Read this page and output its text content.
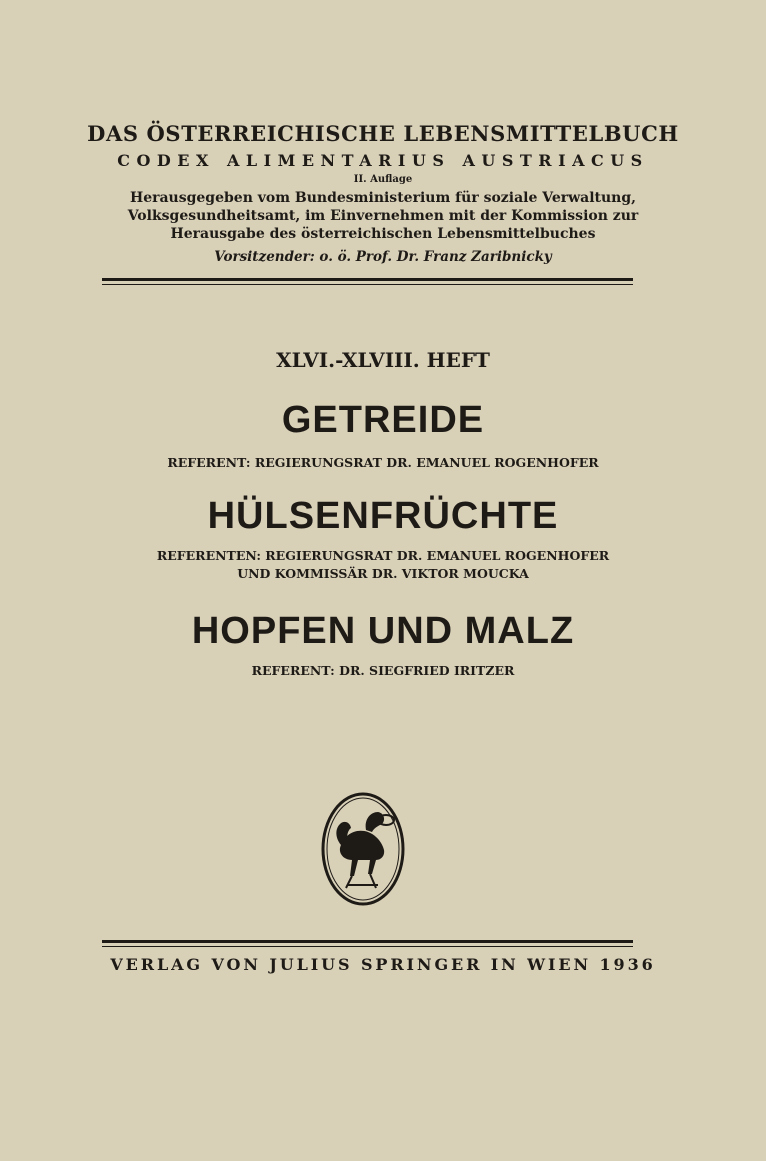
DAS ÖSTERREICHISCHE LEBENSMITTELBUCH
CODEX ALIMENTARIUS AUSTRIACUS
II. Auflage
Herausgegeben vom Bundesministerium für soziale Verwaltung,
Volksgesundheitsamt, im Einvernehmen mit der Kommission zur
Herausgabe des österreichischen Lebensmittelbuches
Vorsitzender: o. ö. Prof. Dr. Franz Zaribnicky
XLVI.-XLVIII. HEFT
GETREIDE
REFERENT: REGIERUNGSRAT DR. EMANUEL ROGENHOFER
HÜLSENFRÜCHTE
REFERENTEN: REGIERUNGSRAT DR. EMANUEL ROGENHOFER
UND KOMMISSÄR DR. VIKTOR MOUCKA
HOPFEN UND MALZ
REFERENT: DR. SIEGFRIED IRITZER
VERLAG VON JULIUS SPRINGER IN WIEN 1936
